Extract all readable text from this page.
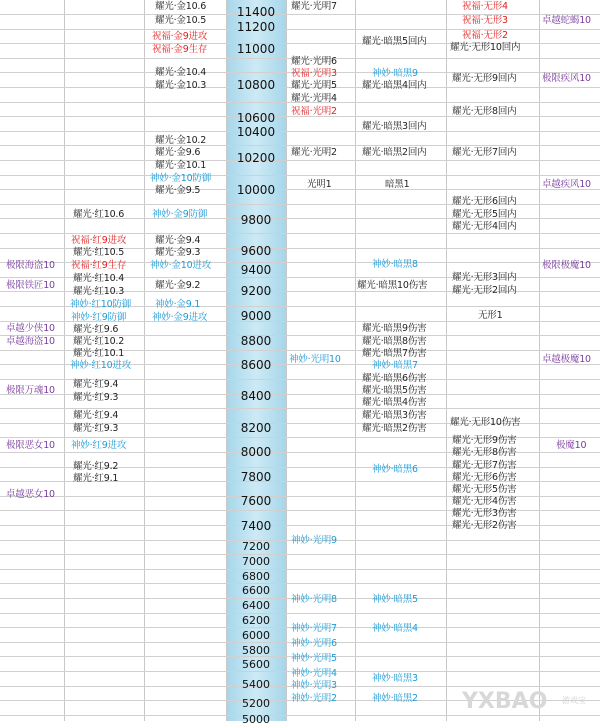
11400
11200
11000
10800
10600
10400
10200
10000
9800
9600
9400
9200
9000
8800
8600
8400
8200
8000
7800
7600
7400
7200
7000
6800
6600
6400
6200
6000
5800
5600
5400
5200
5000
耀光·金10.6
耀光·金10.5
祝福·金9进攻
祝福·金9生存
耀光·金10.4
耀光·金10.3
耀光·金10.2
耀光·金9.6
耀光·金10.1
神妙·金10防御
耀光·金9.5
神妙·金9防御
耀光·金9.4
耀光·金9.3
神妙·金10进攻
耀光·金9.2
神妙·金9.1
神妙·金9进攻
耀光·红10.6
祝福·红9进攻
耀光·红10.5
祝福·红9生存
耀光·红10.4
耀光·红10.3
神妙·红10防御
神妙·红9防御
耀光·红9.6
耀光·红10.2
耀光·红10.1
神妙·红10进攻
耀光·红9.4
耀光·红9.3
耀光·红9.4
耀光·红9.3
神妙·红9进攻
耀光·红9.2
耀光·红9.1
极限海盗10
极限铁匠10
卓越少侠10
卓越海盗10
极限万魂10
极限恶女10
卓越恶女10
耀光·光明7
耀光·光明6
祝福·光明3
耀光·光明5
耀光·光明4
祝福·光明2
耀光·光明2
光明1
神妙·光明10
神妙·光明9
神妙·光明8
神妙·光明7
神妙·光明6
神妙·光明5
神妙·光明4
神妙·光明3
神妙·光明2
耀光·暗黑5回内
神妙·暗黑9
耀光·暗黑4回内
耀光·暗黑3回内
耀光·暗黑2回内
暗黑1
神妙·暗黑8
耀光·暗黑10伤害
耀光·暗黑9伤害
耀光·暗黑8伤害
耀光·暗黑7伤害
神妙·暗黑7
耀光·暗黑6伤害
耀光·暗黑5伤害
耀光·暗黑4伤害
耀光·暗黑3伤害
耀光·暗黑2伤害
神妙·暗黑6
神妙·暗黑5
神妙·暗黑4
神妙·暗黑3
神妙·暗黑2
祝福·无形4
祝福·无形3
祝福·无形2
耀光·无形10回内
耀光·无形9回内
耀光·无形8回内
耀光·无形7回内
耀光·无形6回内
耀光·无形5回内
耀光·无形4回内
耀光·无形3回内
耀光·无形2回内
无形1
耀光·无形10伤害
耀光·无形9伤害
耀光·无形8伤害
耀光·无形7伤害
耀光·无形6伤害
耀光·无形5伤害
耀光·无形4伤害
耀光·无形3伤害
耀光·无形2伤害
卓越蛇蝎10
极限疾风10
卓越疾风10
极限极魔10
卓越极魔10
极魔10
YXBAO 游戏宝
